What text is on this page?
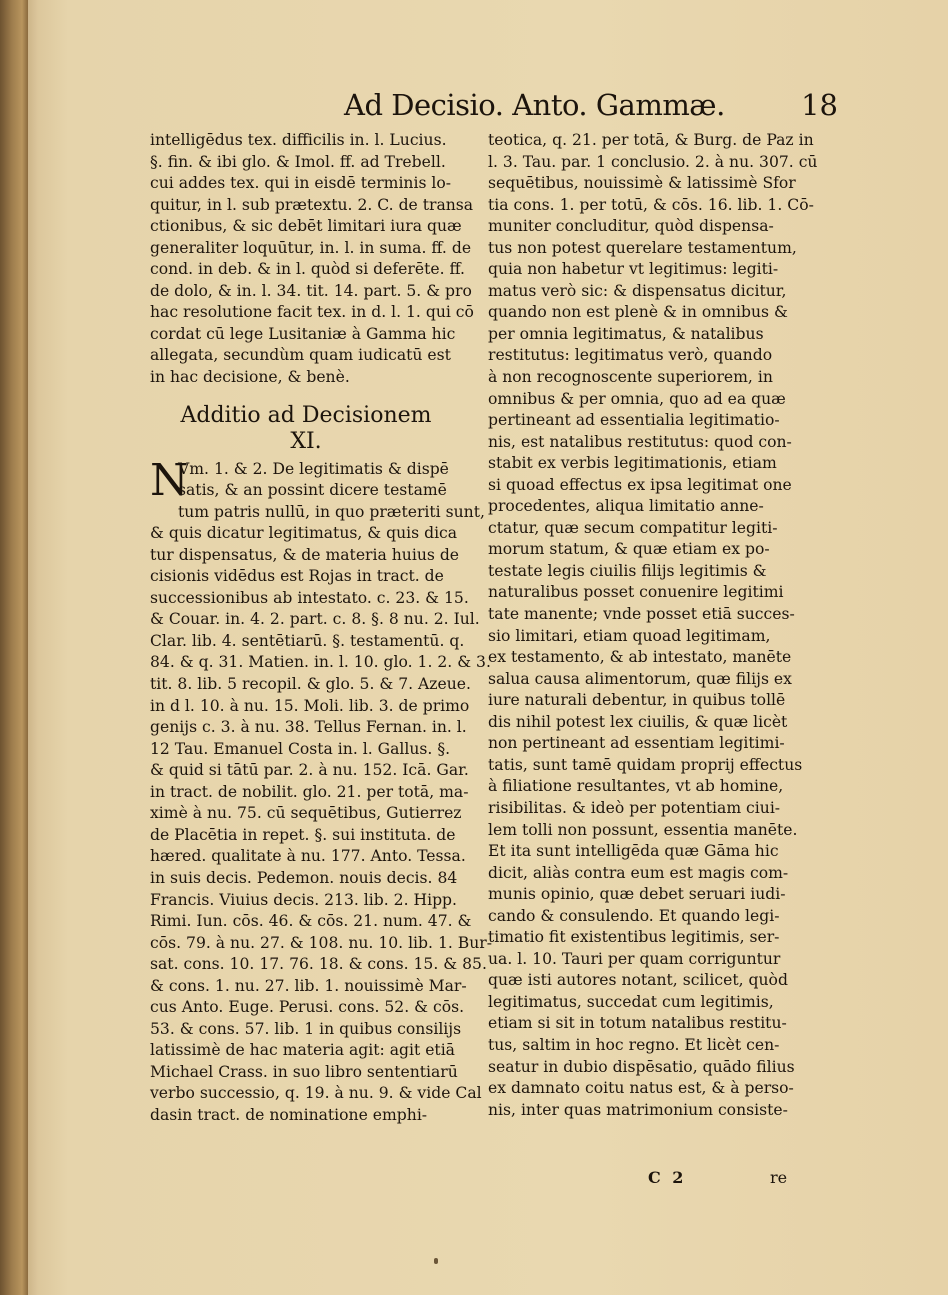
Ad Decisio. Anto. Gammæ.	18
intelligēdus tex. difficilis in. l. Lucius.
§. fin. & ibi glo. & Imol. ff. ad Trebell.
cui addes tex. qui in eisdē terminis lo-
quitur, in l. sub prætextu. 2. C. de transa
ctionibus, & sic debēt limitari iura quæ
generaliter loquūtur, in. l. in suma. ff. de
cond. in deb. & in l. quòd si deferēte. ff.
de dolo, & in. l. 34. tit. 14. part. 5. & pro
hac resolutione facit tex. in d. l. 1. qui cō
cordat cū lege Lusitaniæ à Gamma hic
allegata, secundùm quam iudicatū est
in hac decisione, & benè.
Additio ad Decisionem
XI.
N
Vm. 1. & 2. De legitimatis & dispē
satis, & an possint dicere testamē
tum patris nullū, in quo præteriti sunt,
& quis dicatur legitimatus, & quis dica
tur dispensatus, & de materia huius de
cisionis vidēdus est Rojas in tract. de
successionibus ab intestato. c. 23. & 15.
& Couar. in. 4. 2. part. c. 8. §. 8 nu. 2. Iul.
Clar. lib. 4. sentētiarū. §. testamentū. q.
84. & q. 31. Matien. in. l. 10. glo. 1. 2. & 3.
tit. 8. lib. 5 recopil. & glo. 5. & 7. Azeue.
in d l. 10. à nu. 15. Moli. lib. 3. de primo
genijs c. 3. à nu. 38. Tellus Fernan. in. l.
12 Tau. Emanuel Costa in. l. Gallus. §.
& quid si tātū par. 2. à nu. 152. Icā. Gar.
in tract. de nobilit. glo. 21. per totā, ma-
ximè à nu. 75. cū sequētibus, Gutierrez
de Placētia in repet. §. sui instituta. de
hæred. qualitate à nu. 177. Anto. Tessa.
in suis decis. Pedemon. nouis decis. 84
Francis. Viuius decis. 213. lib. 2. Hipp.
Rimi. Iun. cōs. 46. & cōs. 21. num. 47. &
cōs. 79. à nu. 27. & 108. nu. 10. lib. 1. Bur-
sat. cons. 10. 17. 76. 18. & cons. 15. & 85.
& cons. 1. nu. 27. lib. 1. nouissimè Mar-
cus Anto. Euge. Perusi. cons. 52. & cōs.
53. & cons. 57. lib. 1 in quibus consilijs
latissimè de hac materia agit: agit etiā
Michael Crass. in suo libro sententiarū
verbo successio, q. 19. à nu. 9. & vide Cal
dasin tract. de nominatione emphi-
teotica, q. 21. per totā, & Burg. de Paz in
l. 3. Tau. par. 1 conclusio. 2. à nu. 307. cū
sequētibus, nouissimè & latissimè Sfor
tia cons. 1. per totū, & cōs. 16. lib. 1. Cō-
muniter concluditur, quòd dispensa-
tus non potest querelare testamentum,
quia non habetur vt legitimus: legiti-
matus verò sic: & dispensatus dicitur,
quando non est plenè & in omnibus &
per omnia legitimatus, & natalibus
restitutus: legitimatus verò, quando
à non recognoscente superiorem, in
omnibus & per omnia, quo ad ea quæ
pertineant ad essentialia legitimatio-
nis, est natalibus restitutus: quod con-
stabit ex verbis legitimationis, etiam
si quoad effectus ex ipsa legitimat one
procedentes, aliqua limitatio anne-
ctatur, quæ secum compatitur legiti-
morum statum, & quæ etiam ex po-
testate legis ciuilis filijs legitimis &
naturalibus posset conuenire legitimi
tate manente; vnde posset etiā succes-
sio limitari, etiam quoad legitimam,
ex testamento, & ab intestato, manēte
salua causa alimentorum, quæ filijs ex
iure naturali debentur, in quibus tollē
dis nihil potest lex ciuilis, & quæ licèt
non pertineant ad essentiam legitimi-
tatis, sunt tamē quidam proprij effectus
à filiatione resultantes, vt ab homine,
risibilitas. & ideò per potentiam ciui-
lem tolli non possunt, essentia manēte.
Et ita sunt intelligēda quæ Gāma hic
dicit, aliàs contra eum est magis com-
munis opinio, quæ debet seruari iudi-
cando & consulendo. Et quando legi-
timatio fit existentibus legitimis, ser-
ua. l. 10. Tauri per quam corriguntur
quæ isti autores notant, scilicet, quòd
legitimatus, succedat cum legitimis,
etiam si sit in totum natalibus restitu-
tus, saltim in hoc regno. Et licèt cen-
seatur in dubio dispēsatio, quādo filius
ex damnato coitu natus est, & à perso-
nis, inter quas matrimonium consiste-
C 2	re
